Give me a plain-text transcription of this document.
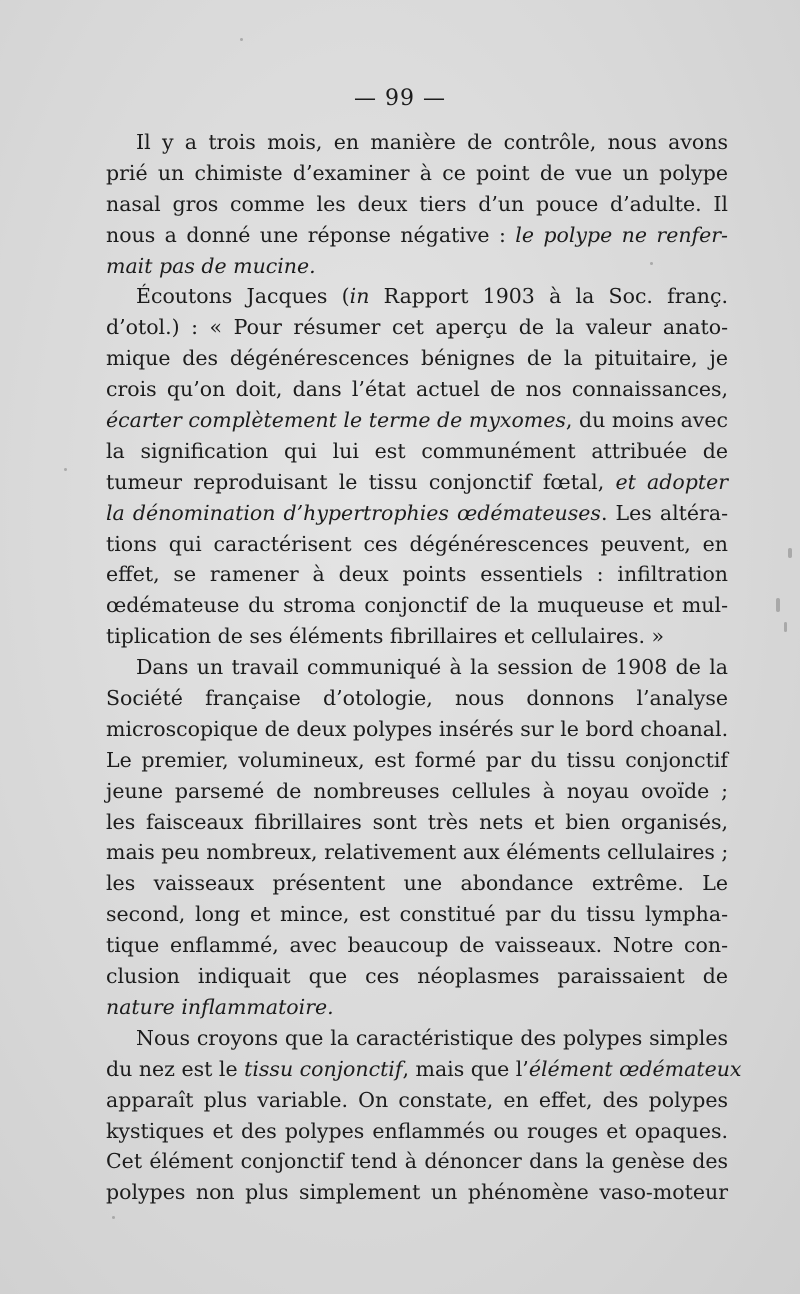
— 99 —
Il y a trois mois, en manière de contrôle, nous avons
prié un chimiste d’examiner à ce point de vue un polype
nasal gros comme les deux tiers d’un pouce d’adulte. Il
nous a donné une réponse négative : le polype ne renfer-
mait pas de mucine.
Écoutons Jacques (in Rapport 1903 à la Soc. franç.
d’otol.) : « Pour résumer cet aperçu de la valeur anato-
mique des dégénérescences bénignes de la pituitaire, je
crois qu’on doit, dans l’état actuel de nos connaissances,
écarter complètement le terme de myxomes, du moins avec
la signification qui lui est communément attribuée de
tumeur reproduisant le tissu conjonctif fœtal, et adopter
la dénomination d’hypertrophies œdémateuses. Les altéra-
tions qui caractérisent ces dégénérescences peuvent, en
effet, se ramener à deux points essentiels : infiltration
œdémateuse du stroma conjonctif de la muqueuse et mul-
tiplication de ses éléments fibrillaires et cellulaires. »
Dans un travail communiqué à la session de 1908 de la
Société française d’otologie, nous donnons l’analyse
microscopique de deux polypes insérés sur le bord choanal.
Le premier, volumineux, est formé par du tissu conjonctif
jeune parsemé de nombreuses cellules à noyau ovoïde ;
les faisceaux fibrillaires sont très nets et bien organisés,
mais peu nombreux, relativement aux éléments cellulaires ;
les vaisseaux présentent une abondance extrême. Le
second, long et mince, est constitué par du tissu lympha-
tique enflammé, avec beaucoup de vaisseaux. Notre con-
clusion indiquait que ces néoplasmes paraissaient de
nature inflammatoire.
Nous croyons que la caractéristique des polypes simples
du nez est le tissu conjonctif, mais que l’élément œdémateux
apparaît plus variable. On constate, en effet, des polypes
kystiques et des polypes enflammés ou rouges et opaques.
Cet élément conjonctif tend à dénoncer dans la genèse des
polypes non plus simplement un phénomène vaso-moteur
